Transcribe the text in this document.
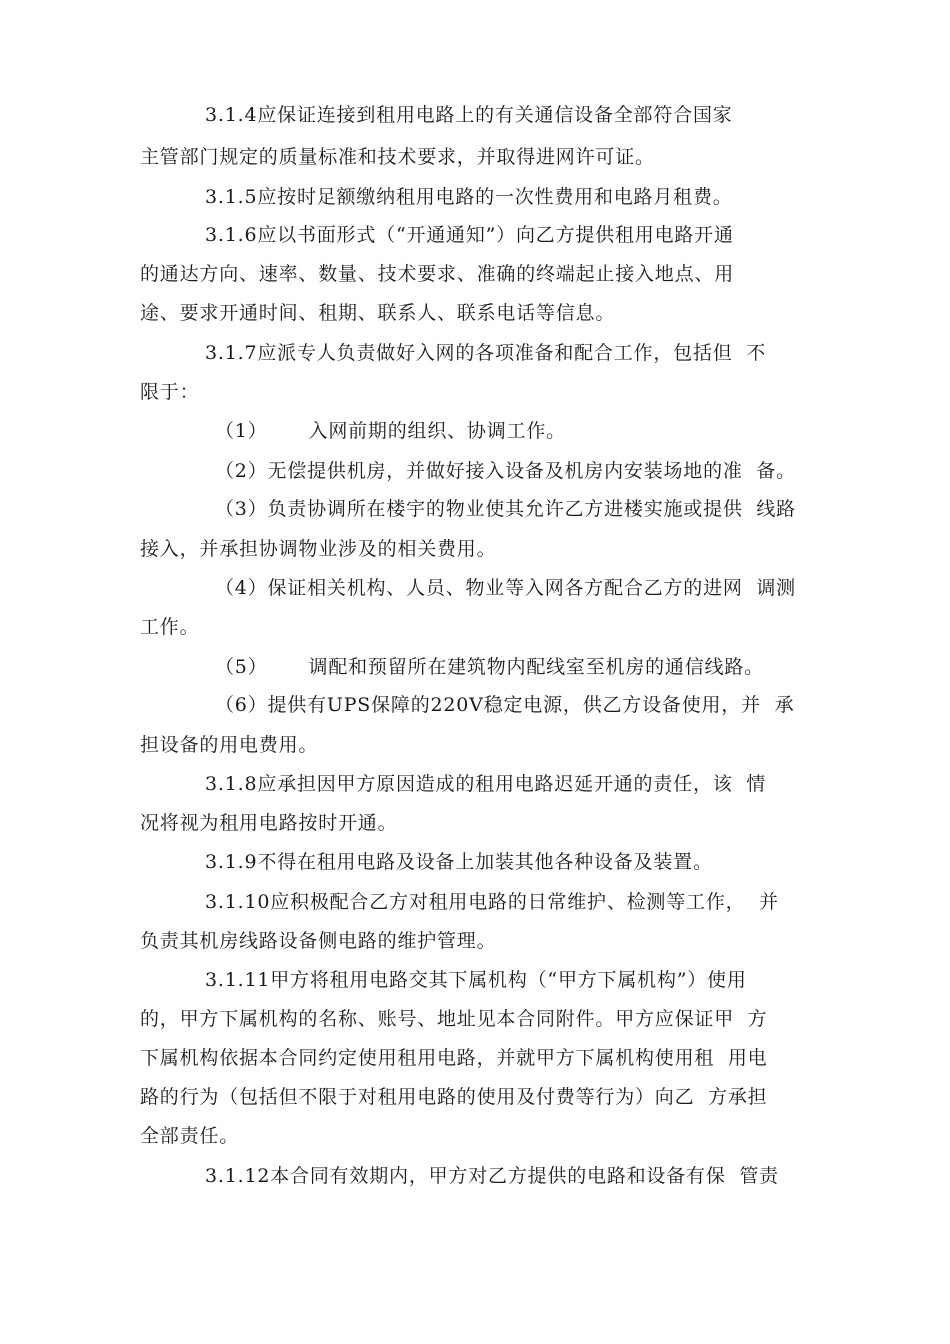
3.1.4应保证连接到租用电路上的有关通信设备全部符合国家
主管部门规定的质量标准和技术要求，并取得进网许可证。
3.1.5应按时足额缴纳租用电路的一次性费用和电路月租费。
3.1.6应以书面形式（“开通通知”）向乙方提供租用电路开通
的通达方向、速率、数量、技术要求、准确的终端起止接入地点、用
途、要求开通时间、租期、联系人、联系电话等信息。
3.1.7应派专人负责做好入网的各项准备和配合工作，包括但  不
限于：
（1）      入网前期的组织、协调工作。
（2）无偿提供机房，并做好接入设备及机房内安装场地的准  备。
（3）负责协调所在楼宇的物业使其允许乙方进楼实施或提供  线路
接入，并承担协调物业涉及的相关费用。
（4）保证相关机构、人员、物业等入网各方配合乙方的进网  调测
工作。
（5）      调配和预留所在建筑物内配线室至机房的通信线路。
（6）提供有UPS保障的220V稳定电源，供乙方设备使用，并  承
担设备的用电费用。
3.1.8应承担因甲方原因造成的租用电路迟延开通的责任，该  情
况将视为租用电路按时开通。
3.1.9不得在租用电路及设备上加装其他各种设备及装置。
3.1.10应积极配合乙方对租用电路的日常维护、检测等工作，  并
负责其机房线路设备侧电路的维护管理。
3.1.11甲方将租用电路交其下属机构（“甲方下属机构”）使用
的，甲方下属机构的名称、账号、地址见本合同附件。甲方应保证甲  方
下属机构依据本合同约定使用租用电路，并就甲方下属机构使用租  用电
路的行为（包括但不限于对租用电路的使用及付费等行为）向乙  方承担
全部责任。
3.1.12本合同有效期内，甲方对乙方提供的电路和设备有保  管责
